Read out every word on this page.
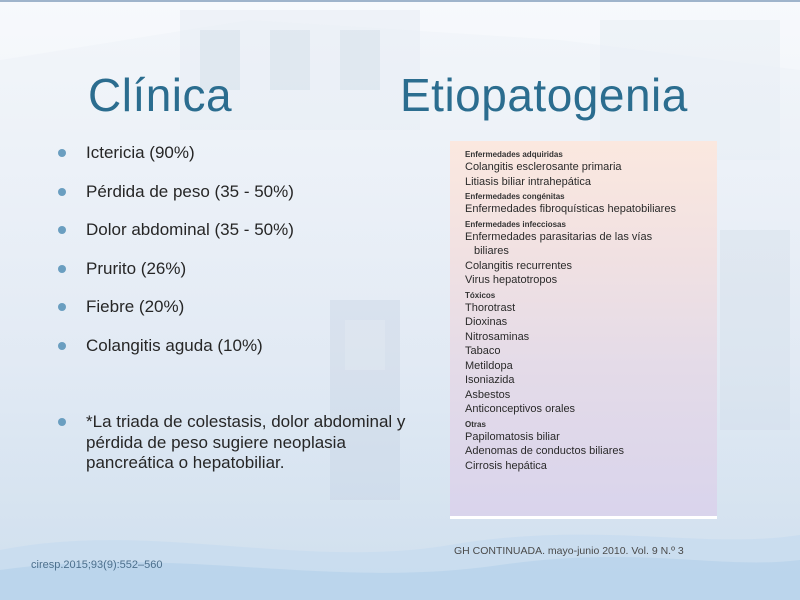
Clínica	Etiopatogenia
Ictericia (90%)
Pérdida de peso (35 - 50%)
Dolor abdominal (35 - 50%)
Prurito (26%)
Fiebre (20%)
Colangitis aguda (10%)
*La triada de colestasis, dolor abdominal y pérdida de peso sugiere neoplasia pancreática o hepatobiliar.
Enfermedades adquiridas
Colangitis esclerosante primaria
Litiasis biliar intrahepática
Enfermedades congénitas
Enfermedades fibroquísticas hepatobiliares
Enfermedades infecciosas
Enfermedades parasitarias de las vías
biliares
Colangitis recurrentes
Virus hepatotropos
Tóxicos
Thorotrast
Dioxinas
Nitrosaminas
Tabaco
Metildopa
Isoniazida
Asbestos
Anticonceptivos orales
Otras
Papilomatosis biliar
Adenomas de conductos biliares
Cirrosis hepática
GH CONTINUADA. mayo-junio 2010. Vol. 9 N.º 3
ciresp.2015;93(9):552–560
